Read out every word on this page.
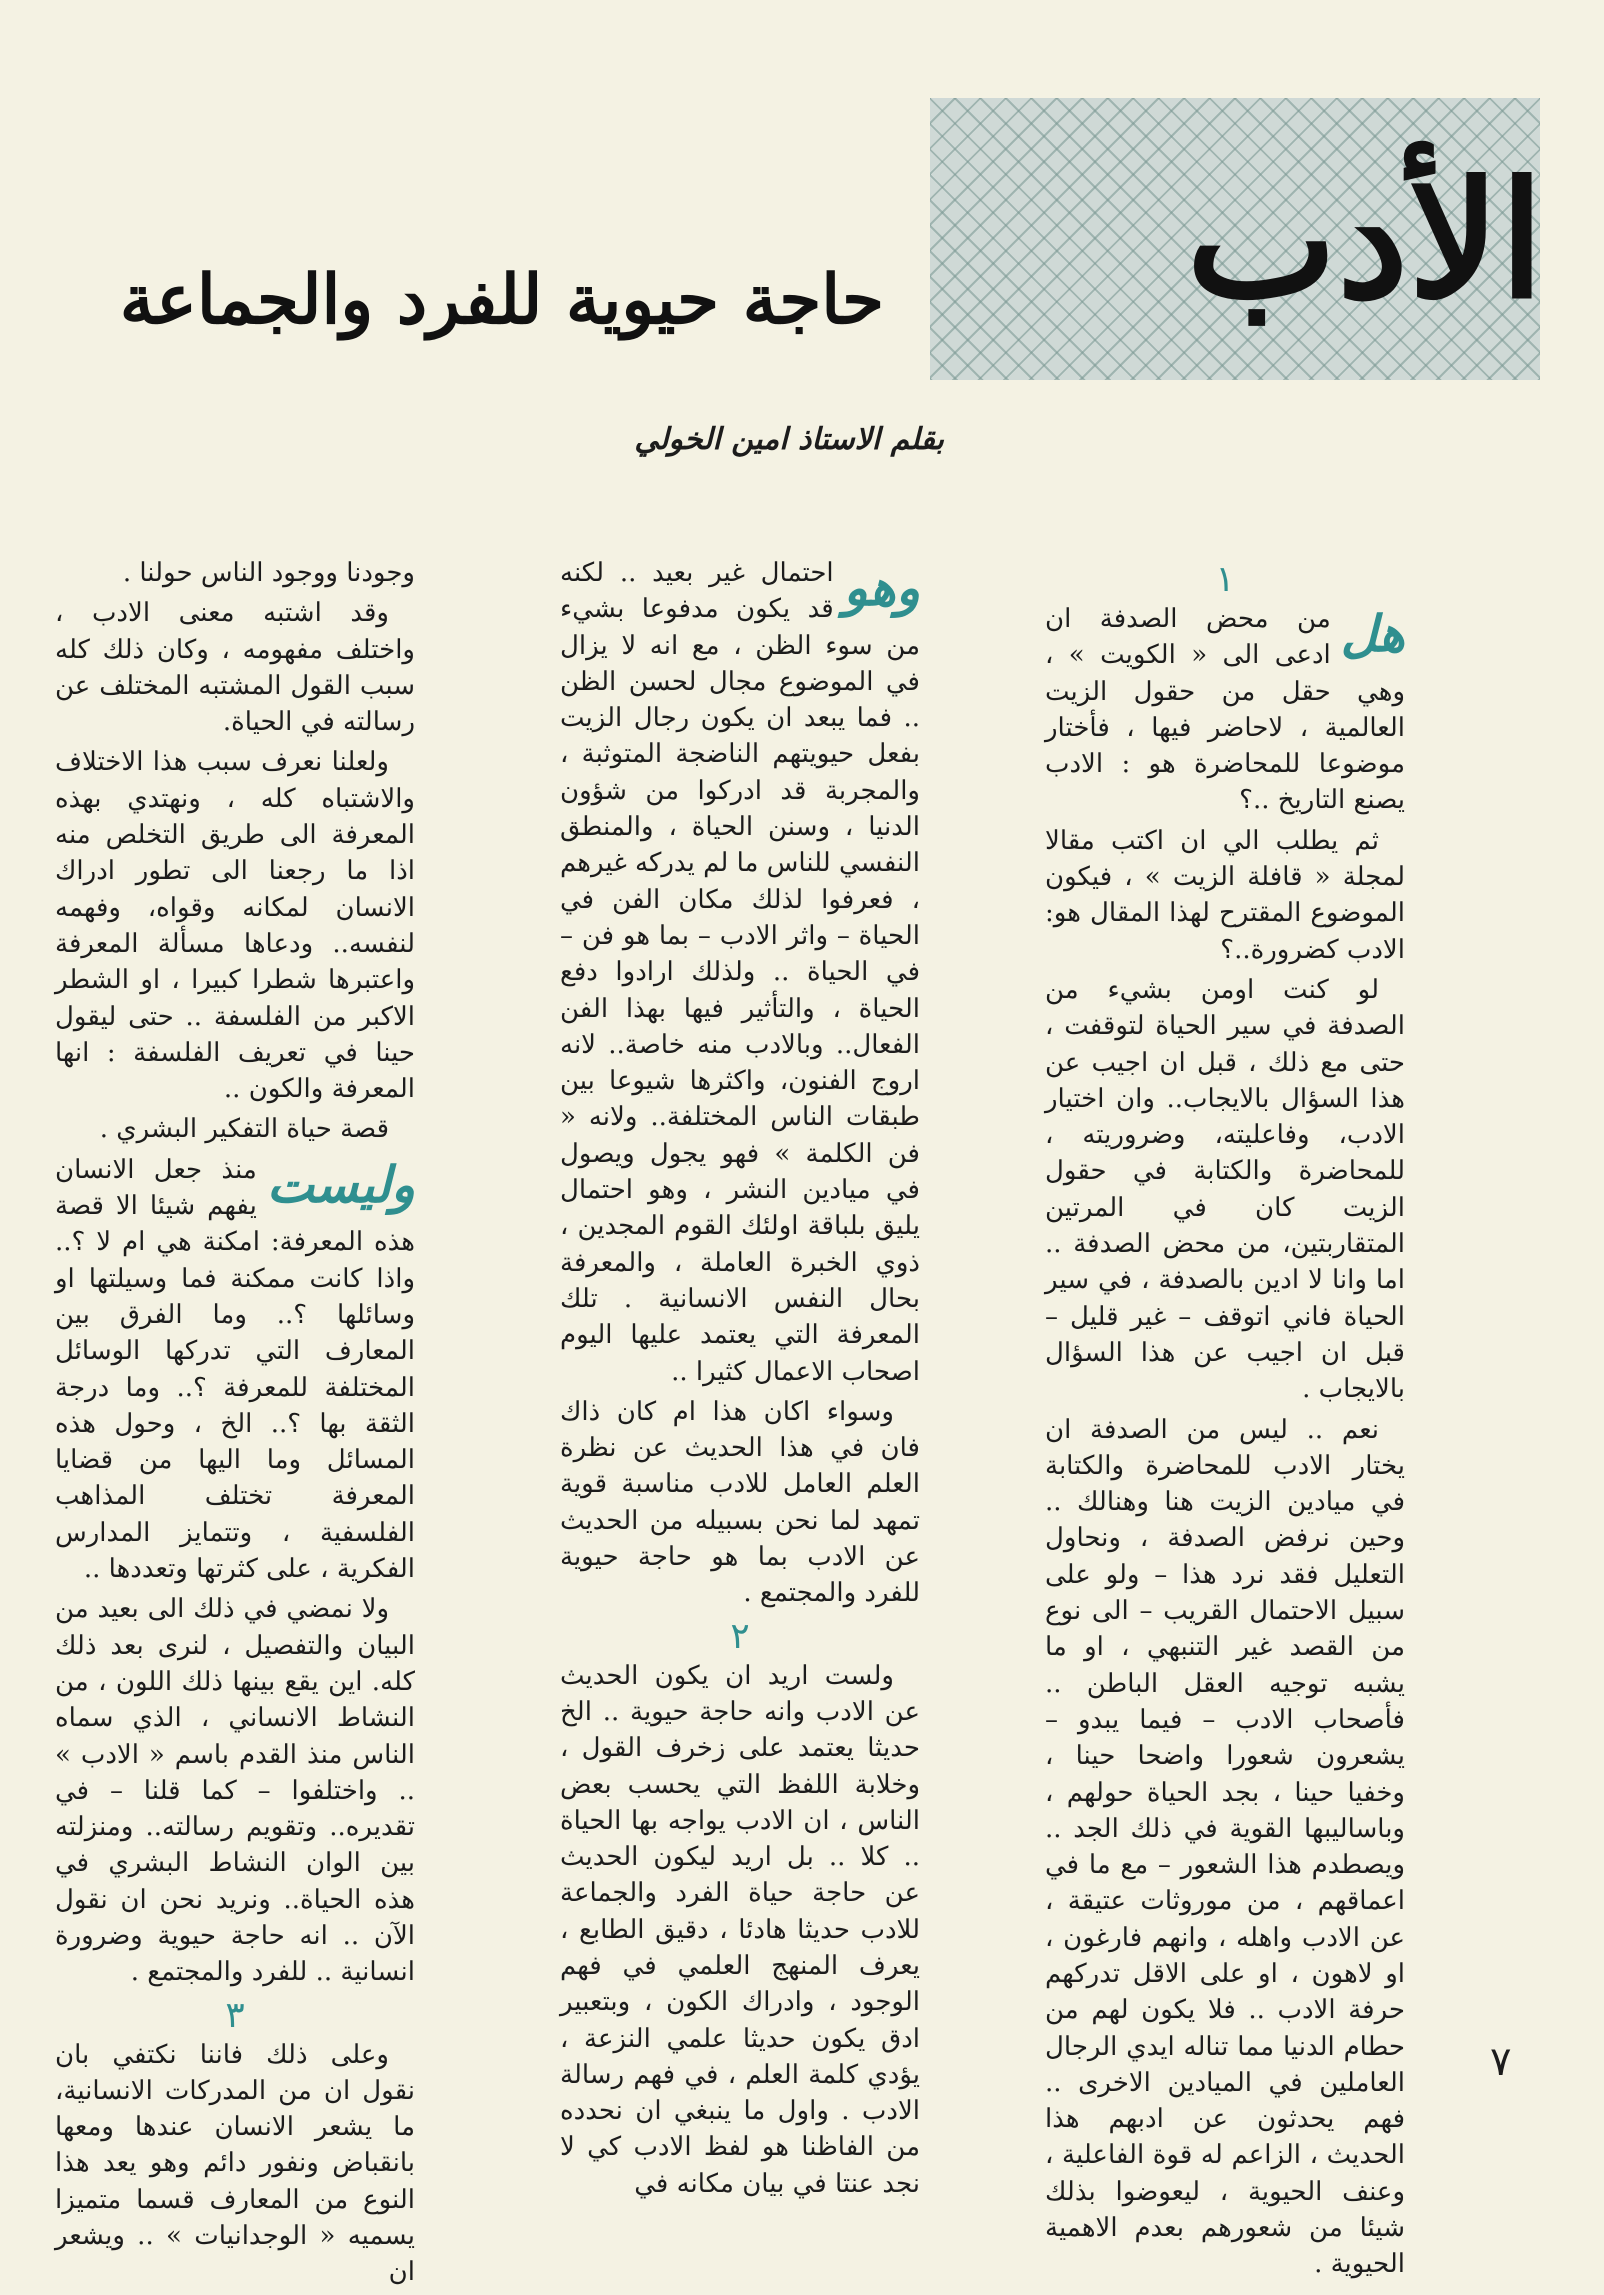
الأدب
حاجة حيوية للفرد والجماعة
بقلم الاستاذ امين الخولي
١
هل

من محض الصدفة ان ادعى الى « الكويت » ، وهي حقل من حقول الزيت العالمية ، لاحاضر فيها ، فأختار موضوعا للمحاضرة هو : الادب يصنع التاريخ ..؟

ثم يطلب الي ان اكتب مقالا لمجلة « قافلة الزيت » ، فيكون الموضوع المقترح لهذا المقال هو: الادب كضرورة..؟

لو كنت اومن بشيء من الصدفة في سير الحياة لتوقفت ، حتى مع ذلك ، قبل ان اجيب عن هذا السؤال بالايجاب.. وان اختيار الادب، وفاعليته، وضروريته ، للمحاضرة والكتابة في حقول الزيت كان في المرتين المتقاربتين، من محض الصدفة .. اما وانا لا ادين بالصدفة ، في سير الحياة فاني اتوقف – غير قليل – قبل ان اجيب عن هذا السؤال بالايجاب .

نعم .. ليس من الصدفة ان يختار الادب للمحاضرة والكتابة في ميادين الزيت هنا وهنالك .. وحين نرفض الصدفة ، ونحاول التعليل فقد نرد هذا – ولو على سبيل الاحتمال القريب – الى نوع من القصد غير التنبهي ، او ما يشبه توجيه العقل الباطن .. فأصحاب الادب – فيما يبدو – يشعرون شعورا واضحا حينا ، وخفيا حينا ، بجد الحياة حولهم ، وباساليبها القوية في ذلك الجد .. ويصطدم هذا الشعور – مع ما في اعماقهم ، من موروثات عتيقة ، عن الادب واهله ، وانهم فارغون ، او لاهون ، او على الاقل تدركهم حرفة الادب .. فلا يكون لهم من حطام الدنيا مما تناله ايدي الرجال العاملين في الميادين الاخرى .. فهم يحدثون عن ادبهم هذا الحديث ، الزاعم له قوة الفاعلية ، وعنف الحيوية ، ليعوضوا بذلك شيئا من شعورهم بعدم الاهمية الحيوية .

وهو

احتمال غير بعيد .. لكنه قد يكون مدفوعا بشيء من سوء الظن ، مع انه لا يزال في الموضوع مجال لحسن الظن .. فما يبعد ان يكون رجال الزيت بفعل حيويتهم الناضجة المتوثبة ، والمجربة قد ادركوا من شؤون الدنيا ، وسنن الحياة ، والمنطق النفسي للناس ما لم يدركه غيرهم ، فعرفوا لذلك مكان الفن في الحياة – واثر الادب – بما هو فن – في الحياة .. ولذلك ارادوا دفع الحياة ، والتأثير فيها بهذا الفن الفعال.. وبالادب منه خاصة.. لانه اروج الفنون، واكثرها شيوعا بين طبقات الناس المختلفة.. ولانه « فن الكلمة » فهو يجول ويصول في ميادين النشر ، وهو احتمال يليق بلباقة اولئك القوم المجدين ، ذوي الخبرة العاملة ، والمعرفة بحال النفس الانسانية . تلك المعرفة التي يعتمد عليها اليوم اصحاب الاعمال كثيرا ..

وسواء اكان هذا ام كان ذاك فان في هذا الحديث عن نظرة العلم العامل للادب مناسبة قوية تمهد لما نحن بسبيله من الحديث عن الادب بما هو حاجة حيوية للفرد والمجتمع .

٢

ولست اريد ان يكون الحديث عن الادب وانه حاجة حيوية .. الخ حديثا يعتمد على زخرف القول ، وخلابة اللفظ التي يحسب بعض الناس ، ان الادب يواجه بها الحياة .. كلا .. بل اريد ليكون الحديث عن حاجة حياة الفرد والجماعة للادب حديثا هادئا ، دقيق الطابع ، يعرف المنهج العلمي في فهم الوجود ، وادراك الكون ، وبتعبير ادق يكون حديثا علمي النزعة ، يؤدي كلمة العلم ، في فهم رسالة الادب . واول ما ينبغي ان نحدده من الفاظنا هو لفظ الادب كي لا نجد عنتا في بيان مكانه في

وجودنا ووجود الناس حولنا .

وقد اشتبه معنى الادب ، واختلف مفهومه ، وكان ذلك كله سبب القول المشتبه المختلف عن رسالته في الحياة.

ولعلنا نعرف سبب هذا الاختلاف والاشتباه كله ، ونهتدي بهذه المعرفة الى طريق التخلص منه اذا ما رجعنا الى تطور ادراك الانسان لمكانه وقواه، وفهمه لنفسه.. ودعاها مسألة المعرفة واعتبرها شطرا كبيرا ، او الشطر الاكبر من الفلسفة .. حتى ليقول حينا في تعريف الفلسفة : انها المعرفة والكون ..

قصة حياة التفكير البشري .

وليست

منذ جعل الانسان يفهم شيئا الا قصة هذه المعرفة: امكنة هي ام لا ؟.. واذا كانت ممكنة فما وسيلتها او وسائلها ؟.. وما الفرق بين المعارف التي تدركها الوسائل المختلفة للمعرفة ؟.. وما درجة الثقة بها ؟.. الخ ، وحول هذه المسائل وما اليها من قضايا المعرفة تختلف المذاهب الفلسفية ، وتتمايز المدارس الفكرية ، على كثرتها وتعددها ..

ولا نمضي في ذلك الى بعيد من البيان والتفصيل ، لنرى بعد ذلك كله. اين يقع بينها ذلك اللون ، من النشاط الانساني ، الذي سماه الناس منذ القدم باسم « الادب » .. واختلفوا – كما قلنا – في تقديره.. وتقويم رسالته.. ومنزلته بين الوان النشاط البشري في هذه الحياة.. ونريد نحن ان نقول الآن .. انه حاجة حيوية وضرورة انسانية .. للفرد والمجتمع .

٣

وعلى ذلك فاننا نكتفي بان نقول ان من المدركات الانسانية، ما يشعر الانسان عندها ومعها بانقباض ونفور دائم وهو يعد هذا النوع من المعارف قسما متميزا يسميه « الوجدانيات » .. ويشعر ان

٧
